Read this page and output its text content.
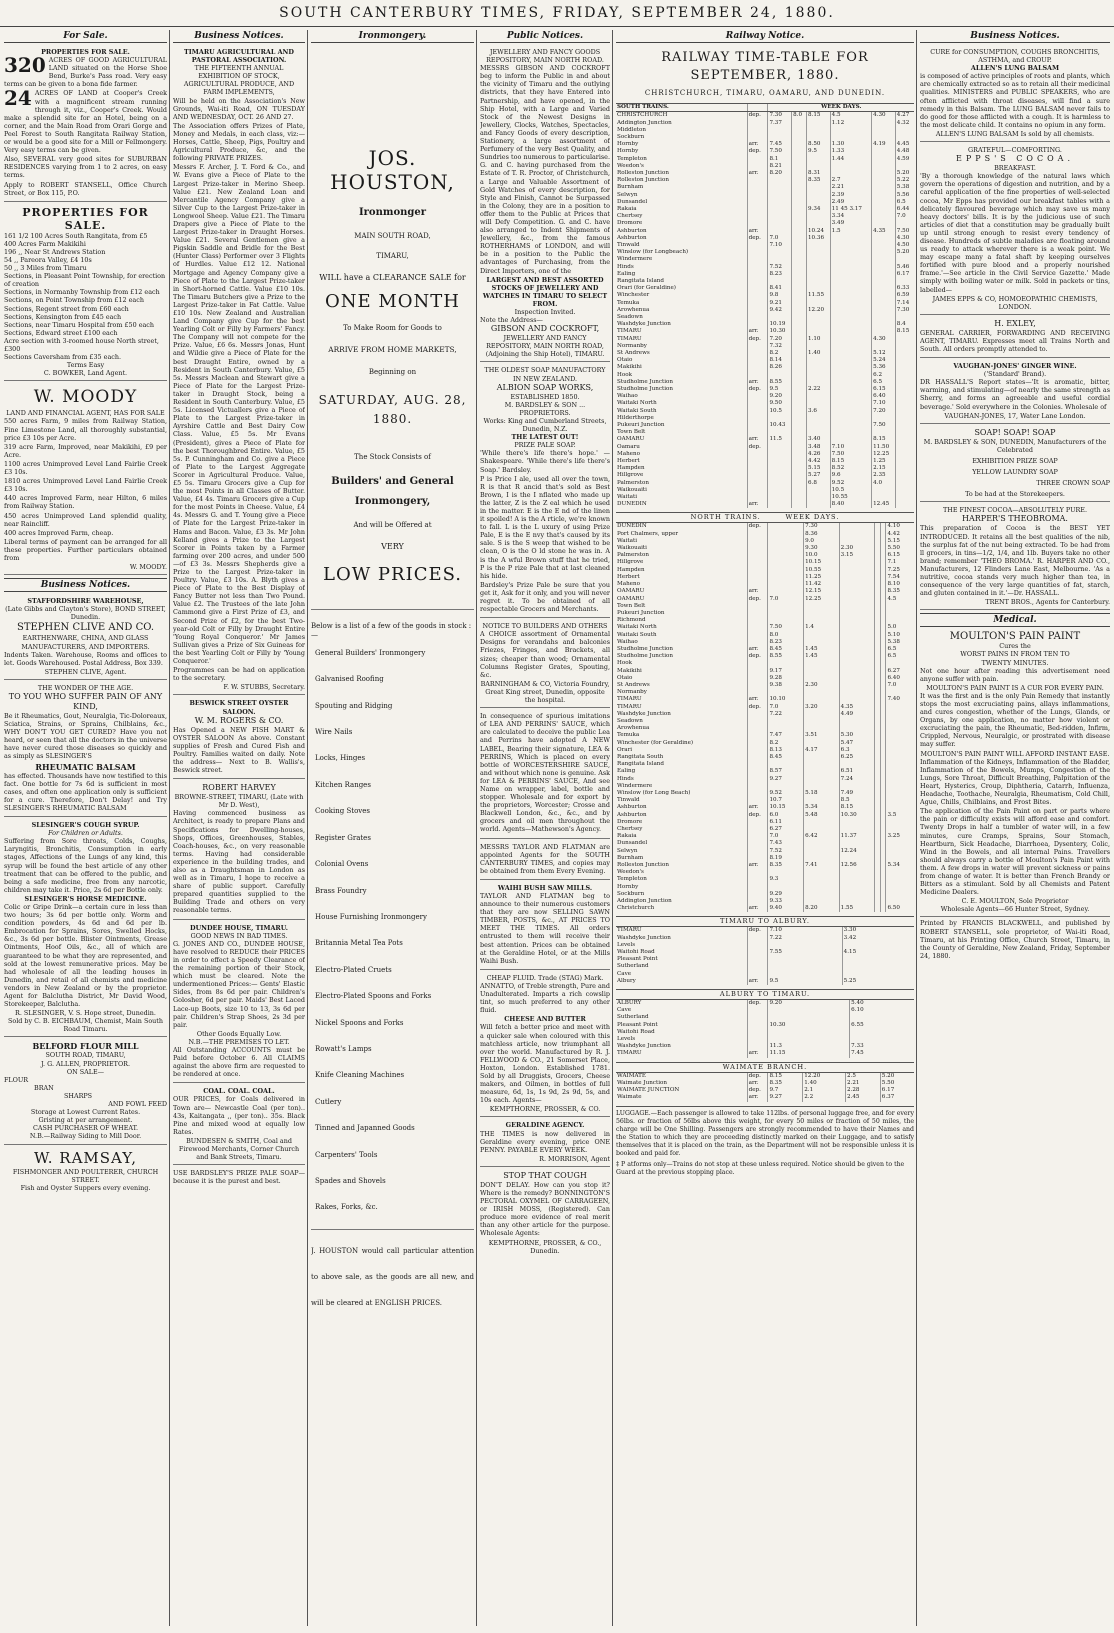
SOUTH CANTERBURY TIMES, FRIDAY, SEPTEMBER 24, 1880.
For Sale.
PROPERTIES FOR SALE.

320 ACRES OF GOOD AGRICULTURAL LAND situated on the Horse Shoe Bend, Burke's Pass road. Very easy terms can be given to a bona fide farmer.

24 ACRES OF LAND at Cooper's Creek with a magnificent stream running through it, viz., Cooper's Creek. Would make a splendid site for an Hotel, being on a corner, and the Main Road from Orari Gorge and Peel Forest to South Rangitata Railway Station, or would be a good site for a Mill or Fellmongery. Very easy terms can be given.

Also, SEVERAL very good sites for SUBURBAN RESIDENCES varying from 1 to 2 acres, on easy terms.

Apply to ROBERT STANSELL, Office Church Street, or Box 115, P.O.

PROPERTIES FOR SALE.
161 1/2 100 Acres South Rangitata, from £5
400 Acres Farm Makikihi
196 ,, Near St Andrews Station
54 ,, Pareora Valley, £4 10s
50 ,, 3 Miles from Timaru
Sections, in Pleasant Point Township, for erection of creation
Sections, in Normanby Township from £12 each
Sections, on Point Township from £12 each
Sections, Regent street from £60 each
Sections, Kensington from £45 each
Sections, near Timaru Hospital from £50 each
Sections, Edward street £100 each
Acre section with 3-roomed house North street, £300
Sections Caversham from £35 each.
Terms Easy
C. BOWKER, Land Agent.
W. MOODY
LAND AND FINANCIAL AGENT, HAS FOR SALE

550 acres Farm, 9 miles from Railway Station, Fine Limestone Land, all thoroughly substantial, price £3 10s per Acre.

319 acre Farm, Improved, near Makikihi, £9 per Acre.

1100 acres Unimproved Level Land Fairlie Creek £3 10s.

1810 acres Unimproved Level Land Fairlie Creek £3 10s.

440 acres Improved Farm, near Hilton, 6 miles from Railway Station.

450 acres Unimproved Land splendid quality, near Raincliff.

400 acres Improved Farm, cheap.

Liberal terms of payment can be arranged for all these properties. Further particulars obtained from

W. MOODY.
Business Notices.
STAFFORDSHIRE WAREHOUSE,
(Late Gibbs and Clayton's Store), BOND STREET, Dunedin.
STEPHEN CLIVE AND CO.
EARTHENWARE, CHINA, AND GLASS MANUFACTURERS, AND IMPORTERS.

Indents Taken. Warehouse, Rooms and offices to let. Goods Warehoused. Postal Address, Box 339.

STEPHEN CLIVE, Agent.
THE WONDER OF THE AGE.
TO YOU WHO SUFFER PAIN OF ANY KIND,

Be it Rheumatics, Gout, Neuralgia, Tic-Doloreaux, Sciatica, Strains, or Sprains, Chilblains, &c., WHY DON'T YOU GET CURED? Have you not heard, or seen that all the doctors in the universe have never cured those diseases so quickly and as simply as SLESINGER'S

RHEUMATIC BALSAM

has effected. Thousands have now testified to this fact. One bottle for 7s 6d is sufficient in most cases, and often one application only is sufficient for a cure. Therefore, Don't Delay! and Try SLESINGER'S RHEUMATIC BALSAM

SLESINGER'S COUGH SYRUP.
For Children or Adults.

Suffering from Sore throats, Colds, Coughs, Laryngitis, Bronchitis, Consumption in early stages, Affections of the Lungs of any kind, this syrup will be found the best article of any other treatment that can be offered to the public, and being a safe medicine, free from any narcotic, children may take it. Price, 2s 6d per Bottle only.

SLESINGER'S HORSE MEDICINE.

Colic or Gripe Drink—a certain cure in less than two hours; 3s 6d per bottle only. Worm and condition powders, 4s 6d and 6d per lb. Embrocation for Sprains, Sores, Swelled Hocks, &c., 3s 6d per bottle. Blister Ointments, Grease Ointments, Hoof Oils, &c., all of which are guaranteed to be what they are represented, and sold at the lowest remunerative prices. May be had wholesale of all the leading houses in Dunedin, and retail of all chemists and medicine vendors in New Zealand or by the proprietor. Agent for Balclutha District, Mr David Wood, Storekeeper, Balclutha.

R. SLESINGER, V. S. Hope street, Dunedin.
Sold by C. B. EICHBAUM, Chemist, Main South Road Timaru.
BELFORD FLOUR MILL
SOUTH ROAD, TIMARU,
J. G. ALLEN, PROPRIETOR.
ON SALE—
FLOUR
BRAN
SHARPS
AND FOWL FEED
Storage at Lowest Current Rates.
Gristing at per arrangement.
CASH PURCHASER OF WHEAT.
N.B.—Railway Siding to Mill Door.
W. RAMSAY,
FISHMONGER AND POULTERER, CHURCH STREET.
Fish and Oyster Suppers every evening.
Business Notices.
TIMARU AGRICULTURAL AND PASTORAL ASSOCIATION.
THE FIFTEENTH ANNUAL EXHIBITION OF STOCK, AGRICULTURAL PRODUCE, AND FARM IMPLEMENTS,

Will be held on the Association's New Grounds, Wai-iti Road, ON TUESDAY AND WEDNESDAY, OCT. 26 AND 27.

The Association offers Prizes of Plate, Money and Medals, in each class, viz:—Horses, Cattle, Sheep, Pigs, Poultry and Agricultural Produce, &c, and the following PRIVATE PRIZES.

Messrs F. Archer, J. T. Ford & Co., and W. Evans give a Piece of Plate to the Largest Prize-taker in Merino Sheep. Value £21. New Zealand Loan and Mercantile Agency Company give a Silver Cup to the Largest Prize-taker in Longwool Sheep. Value £21. The Timaru Drapers give a Piece of Plate to the Largest Prize-taker in Draught Horses. Value £21. Several Gentlemen give a Pigskin Saddle and Bridle for the Best (Hunter Class) Performer over 3 Flights of Hurdles. Value £12 12. National Mortgage and Agency Company give a Piece of Plate to the Largest Prize-taker in Short-horned Cattle. Value £10 10s. The Timaru Butchers give a Prize to the Largest Prize-taker in Fat Cattle. Value £10 10s. New Zealand and Australian Land Company give Cup for the best Yearling Colt or Filly by Farmers' Fancy. The Company will not compete for the Prize. Value, £6 6s. Messrs Jonas, Hunt and Wildie give a Piece of Plate for the best Draught Entire, owned by a Resident in South Canterbury. Value, £5 5s. Messrs Maclean and Stewart give a Piece of Plate for the Largest Prize-taker in Draught Stock, being a Resident in South Canterbury. Value, £5 5s. Licensed Victuallers give a Piece of Plate to the Largest Prize-taker in Ayrshire Cattle and Best Dairy Cow Class. Value, £5 5s. Mr Evans (President), gives a Piece of Plate for the best Thoroughbred Entire. Value, £5 5s. P. Cunningham and Co. give a Piece of Plate to the Largest Aggregate Scorer in Agricultural Produce. Value, £5 5s. Timaru Grocers give a Cup for the most Points in all Classes of Butter. Value, £4 4s. Timaru Grocers give a Cup for the most Points in Cheese. Value, £4 4s. Messrs G. and T. Young give a Piece of Plate for the Largest Prize-taker in Hams and Bacon. Value, £3 3s. Mr John Kelland gives a Prize to the Largest Scorer in Points taken by a Farmer farming over 200 acres, and under 500—of £3 3s. Messrs Shepherds give a Prize to the Largest Prize-taker in Poultry. Value, £3 10s. A. Blyth gives a Piece of Plate to the Best Display of Fancy Butter not less than Two Pound. Value £2. The Trustees of the late John Cammond give a First Prize of £3, and Second Prize of £2, for the best Two-year-old Colt or Filly by Draught Entire 'Young Royal Conqueror.' Mr James Sullivan gives a Prize of Six Guineas for the best Yearling Colt or Filly by 'Young Conqueror.'

Programmes can be had on application to the secretary.

F. W. STUBBS, Secretary.
BESWICK STREET OYSTER SALOON.
W. M. ROGERS & CO.

Has Opened a NEW FISH MART & OYSTER SALOON As above. Constant supplies of Fresh and Cured Fish and Poultry. Families waited on daily. Note the address— Next to B. Wallis's, Beswick street.

ROBERT HARVEY
BROWNE-STREET, TIMARU, (Late with Mr D. West),

Having commenced business as Architect, is ready to prepare Plans and Specifications for Dwelling-houses, Shops, Offices, Greenhouses, Stables, Coach-houses, &c., on very reasonable terms. Having had considerable experience in the building trades, and also as a Draughtsman in London as well as in Timaru, I hope to receive a share of public support. Carefully prepared quantities supplied to the Building Trade and others on very reasonable terms.

DUNDEE HOUSE, TIMARU.
GOOD NEWS IN BAD TIMES.

G. JONES AND CO., DUNDEE HOUSE, have resolved to REDUCE their PRICES in order to effect a Speedy Clearance of the remaining portion of their Stock, which must be cleared. Note the undermentioned Prices:— Gents' Elastic Sides, from 8s 6d per pair. Children's Golosher, 6d per pair. Maids' Best Laced Lace-up Boots, size 10 to 13, 3s 6d per pair. Children's Strap Shoes, 2s 3d per pair.

Other Goods Equally Low.
N.B.—THE PREMISES TO LET.

All Outstanding ACCOUNTS must be Paid before October 6. All CLAIMS against the above firm are requested to be rendered at once.

COAL. COAL. COAL.

OUR PRICES, for Coals delivered in Town are— Newcastle Coal (per ton).. 43s, Kaitangata ,, (per ton).. 35s. Black Pine and mixed wood at equally low Rates.

BUNDESEN & SMITH, Coal and Firewood Merchants, Corner Church and Bank Streets, Timaru.

USE BARDSLEY'S PRIZE PALE SOAP—because it is the purest and best.

Ironmongery.
JOS. HOUSTON,
Ironmonger
MAIN SOUTH ROAD,
TIMARU,
WILL have a CLEARANCE SALE for
ONE MONTH
To Make Room for Goods to
ARRIVE FROM HOME MARKETS,
Beginning on
SATURDAY, AUG. 28, 1880.
The Stock Consists of
Builders' and General
Ironmongery,
And will be Offered at
VERY
LOW PRICES.

Below is a list of a few of the goods in stock :—

General Builders' Ironmongery
Galvanised Roofing
Spouting and Ridging
Wire Nails
Locks, Hinges
Kitchen Ranges
Cooking Stoves
Register Grates
Colonial Ovens
Brass Foundry
House Furnishing Ironmongery
Britannia Metal Tea Pots
Electro-Plated Cruets
Electro-Plated Spoons and Forks
Nickel Spoons and Forks
Rowatt's Lamps
Knife Cleaning Machines
Cutlery
Tinned and Japanned Goods
Carpenters' Tools
Spades and Shovels
Rakes, Forks, &c.
J. HOUSTON would call particular attention to above sale, as the goods are all new, and will be cleared at ENGLISH PRICES.
Public Notices.
JEWELLERY AND FANCY GOODS REPOSITORY, MAIN NORTH ROAD.

MESSRS GIBSON AND COCKROFT beg to inform the Public in and about the vicinity of Timaru and the outlying districts, that they have Entered into Partnership, and have opened, in the Ship Hotel, with a Large and Varied Stock of the Newest Designs in Jewellery, Clocks, Watches, Spectacles, and Fancy Goods of every description, Stationery, a large assortment of Perfumery of the very Best Quality, and Sundries too numerous to particularise. G. and C. having purchased from the Estate of T. R. Proctor, of Christchurch, a Large and Valuable Assortment of Gold Watches of every description, for Style and Finish, Cannot be Surpassed in the Colony, they are in a position to offer them to the Public at Prices that will Defy Competition. G. and C. have also arranged to Indent Shipments of Jewellery, &c., from the famous ROTHERHAMS of LONDON, and will be in a position to the Public the advantages of Purchasing, from the Direct Importers, one of the

LARGEST AND BEST ASSORTED STOCKS OF JEWELLERY AND WATCHES IN TIMARU TO SELECT FROM.
Inspection Invited.
Note the Address—
GIBSON AND COCKROFT,
JEWELLERY AND FANCY REPOSITORY, MAIN NORTH ROAD, (Adjoining the Ship Hotel), TIMARU.
THE OLDEST SOAP MANUFACTORY IN NEW ZEALAND.
ALBION SOAP WORKS,
ESTABLISHED 1850.
M. BARDSLEY & SON ... PROPRIETORS.
Works: King and Cumberland Streets, Dunedin, N.Z.
THE LATEST OUT!
PRIZE PALE SOAP.

'While there's life there's hope.' —Shakespeare. 'While there's life there's Soap.' Bardsley.

P is Price I ale, used all over the town, R is that R ancid that's sold as Best Brown, I is the I nflated who made up the latter, Z is the Z eal which he used in the matter. E is the E nd of the linen it spoiled! A is the A rticle, we're known to fall. L is the L uxury of using Prize Pale, E is the E nvy that's caused by its sale. S is the S weep that wished to be clean, O is the O ld stone he was in. A is the A wful Brown stuff that he tried, P is the P rize Pale that at last cleaned his hide.

Bardsley's Prize Pale be sure that you get it, Ask for it only, and you will never regret it. To be obtained of all respectable Grocers and Merchants.

NOTICE TO BUILDERS AND OTHERS

A CHOICE assortment of Ornamental Designs for verandahs and balconies Friezes, Fringes, and Brackets, all sizes; cheaper than wood; Ornamental Columns Register Grates, Spouting, &c.

BARNINGHAM & CO, Victoria Foundry, Great King street, Dunedin, opposite the hospital.

In consequence of spurious imitations of LEA AND PERRINS' SAUCE, which are calculated to deceive the public Lea and Perrins have adopted A NEW LABEL, Bearing their signature, LEA & PERRINS, Which is placed on every bottle of WORCESTERSHIRE SAUCE, and without which none is genuine. Ask for LEA & PERRINS' SAUCE, And see Name on wrapper, label, bottle and stopper. Wholesale and for export by the proprietors, Worcester; Crosse and Blackwell London, &c., &c., and by grocers and oil men throughout the world. Agents—Mathewson's Agency.

MESSRS TAYLOR AND FLATMAN are appointed Agents for the SOUTH CANTERBURY TIMES, and copies may be obtained from them Every Evening.

WAIHI BUSH SAW MILLS.

TAYLOR AND FLATMAN beg to announce to their numerous customers that they are now SELLING SAWN TIMBER, POSTS, &c., AT PRICES TO MEET THE TIMES. All orders entrusted to them will receive their best attention. Prices can be obtained at the Geraldine Hotel, or at the Mills Waihi Bush.

CHEAP FLUID. Trade (STAG) Mark.

ANNATTO, of Treble strength, Pure and Unadulterated. Imparts a rich cowslip tint, so much preferred to any other fluid.

CHEESE AND BUTTER

Will fetch a better price and meet with a quicker sale when coloured with this matchless article, now triumphant all over the world. Manufactured by R. J. FELLWOOD & CO., 21 Somerset Place, Hoxton, London. Established 1781. Sold by all Druggists, Grocers, Cheese makers, and Oilmen, in bottles of full measure, 6d, 1s, 1s 9d, 2s 9d, 5s, and 10s each. Agents—

KEMPTHORNE, PROSSER, & CO.
GERALDINE AGENCY.

THE TIMES is now delivered in Geraldine every evening, price ONE PENNY. PAYABLE EVERY WEEK.

R. MORRISON, Agent
STOP THAT COUGH

DON'T DELAY. How can you stop it? Where is the remedy? BONNINGTON'S PECTORAL OXYMEL OF CARRAGEEN, or IRISH MOSS, (Registered). Can produce more evidence of real merit than any other article for the purpose. Wholesale Agents:

KEMPTHORNE, PROSSER, & CO., Dunedin.
Railway Notice.
RAILWAY TIME-TABLE FOR SEPTEMBER, 1880.
CHRISTCHURCH, TIMARU, OAMARU, AND DUNEDIN.
SOUTH TRAINS.		WEEK DAYS.					
CHRISTCHURCH	dep.	7.30	8.0	8.15	4.5	4.30	4.27
Addington Junction		7.37			1.12		4.32
Middleton							
Sockburn							
Hornby	arr.	7.45		8.50	1.30	4.19	4.45
Hornby	dep.	7.50		9.5	1.33		4.48
Templeton		8.1			1.44		4.59
Weedon's		8.21					
Rolleston Junction	arr.	8.20		8.31			5.20
Rolleston Junction				8.35	2.7		5.22
Burnham					2.21		5.38
Selwyn					2.39		5.56
Dunsandel					2.49		6.5
Rakaia				9.34	11 45 3.17		6.44
Chertsey					3.34		7.0
Dromore					3.49		
Ashburton	arr.			10.24	1.5	4.35	7.50
Ashburton	dep.	7.0		10.36			4.30
Tinwald		7.10					4.50
Winslow (for Longbeach)							5.20
Windermere							
Hinds		7.52					5.46
Ealing		8.23					6.17
Rangitata Island							
Orari (for Geraldine)		8.41					6.33
Winchester		9.8		11.55			6.59
Temuka		9.21					7.14
Arowhenua		9.42		12.20			7.30
Seadown							
Washdyke Junction		10.19					8.4
TIMARU	arr.	10.30					8.15
TIMARU	dep.	7.20		1.10		4.30	
Normanby		7.32					
St Andrews		8.2		1.40		5.12	
Otaio		8.14				5.24	
Makikihi		8.26				5.36	
Hook						6.2	
Studholme Junction	arr.	8.55				6.5	
Studholme Junction	dep.	9.5		2.22		6.15	
Waihao		9.20				6.40	
Waitaki North		9.50				7.10	
Waitaki South		10.5		3.6		7.20	
Hilderthorpe							
Pukeuri Junction		10.43				7.50	
Town Belt							
OAMARU	arr.	11.5		3.40		8.15	
Oamaru	dep.			3.48	7.10	11.50	
Maheno				4.26	7.50	12.25	
Herbert				4.42	8.15	1.25	
Hampden				5.15	8.52	2.15	
Hillgrove				5.27	9.6	2.35	
Palmerston				6.8	9.52	4.0	
Waikouaiti					10.5		
Waitati					10.55		
DUNEDIN	arr.				8.40	12.45	
NORTH TRAINS.	WEEK DAYS.
DUNEDIN	dep.		7.30				4.10
Port Chalmers, upper			8.36				4.42
Waitati			9.0				5.15
Waikouaiti			9.30	2.30			5.50
Palmerston			10.0	3.15			6.15
Hillgrove			10.15				7.1
Hampden			10.55				7.25
Herbert			11.25				7.54
Maheno			11.42				8.10
OAMARU	arr.		12.15				8.35
OAMARU	dep.	7.0	12.25				4.5
Town Belt							
Pukeuri Junction							
Richmond							
Waitaki North		7.50	1.4				5.0
Waitaki South		8.0					5.10
Waihao		8.23					5.38
Studholme Junction	arr.	8.45	1.45				6.5
Studholme Junction	dep.	8.55	1.45				6.5
Hook							
Makikihi		9.17					6.27
Otaio		9.28					6.40
St Andrews		9.38	2.30				7.0
Normanby							
TIMARU	arr.	10.10					7.40
TIMARU	dep.	7.0	3.20	4.35			
Washdyke Junction		7.22		4.49			
Seadown							
Arowhenua							
Temuka		7.47	3.51	5.30			
Winchester (for Geraldine)		8.2		5.47			
Orari		8.13	4.17	6.3			
Rangitata South		8.45		6.25			
Rangitata Island							
Ealing		8.57		6.51			
Hinds		9.27		7.24			
Windermere							
Winslow (for Long Beach)		9.52	5.18	7.49			
Tinwald		10.7		8.5			
Ashburton	arr.	10.15	5.34	8.15			
Ashburton	dep.	6.0	5.48	10.30			3.5
Dromore		6.11					
Chertsey		6.27					
Rakaia		7.0	6.42	11.37			3.25
Dunsandel		7.43					
Selwyn		7.52		12.24			
Burnham		8.19					
Rolleston Junction	arr.	8.35	7.41	12.56			5.34
Weedon's							
Templeton		9.3					
Hornby							
Sockburn		9.29					
Addington Junction		9.33					
Christchurch	arr.	9.40	8.20	1.55			6.50
TIMARU TO ALBURY.
TIMARU	dep.	7.10	3.30
Washdyke Junction		7.22	3.42
Levels			
Waitohi Road		7.55	4.15
Pleasant Point			
Sutherland			
Cave			
Albury	arr.	9.5	5.25
ALBURY TO TIMARU.
ALBURY	dep.	9.20	5.40
Cave			6.10
Sutherland			
Pleasant Point		10.30	6.55
Waitohi Road			
Levels			
Washdyke Junction		11.3	7.33
TIMARU	arr.	11.15	7.45
WAIMATE BRANCH.
WAIMATE	dep.	8.15	12.20	2.5	5.20
Waimate Junction	arr.	8.35	1.40	2.21	5.50
WAIMATE JUNCTION	dep.	9.7	2.1	2.28	6.17
Waimate	arr.	9.27	2.2	2.45	6.37

LUGGAGE.—Each passenger is allowed to take 112lbs. of personal luggage free, and for every 56lbs. or fraction of 56lbs above this weight, for every 50 miles or fraction of 50 miles, the charge will be One Shilling. Passengers are strongly recommended to have their Names and the Station to which they are proceeding distinctly marked on their Luggage, and to satisfy themselves that it is placed on the train, as the Department will not be responsible unless it is booked and paid for.

‡ P atforms only—Trains do not stop at these unless required. Notice should be given to the Guard at the previous stopping place.

Business Notices.
CURE for CONSUMPTION, COUGHS BRONCHITIS, ASTHMA, and CROUP.
ALLEN'S LUNG BALSAM

is composed of active principles of roots and plants, which are chemically extracted so as to retain all their medicinal qualities. MINISTERS and PUBLIC SPEAKERS, who are often afflicted with throat diseases, will find a sure remedy in this Balsam. The LUNG BALSAM never fails to do good for those afflicted with a cough. It is harmless to the most delicate child. It contains no opium in any form.

ALLEN'S LUNG BALSAM Is sold by all chemists.
GRATEFUL—COMFORTING.
EPPS'S COCOA.
BREAKFAST.

'By a thorough knowledge of the natural laws which govern the operations of digestion and nutrition, and by a careful application of the fine properties of well-selected cocoa, Mr Epps has provided our breakfast tables with a delicately flavoured beverage which may save us many heavy doctors' bills. It is by the judicious use of such articles of diet that a constitution may be gradually built up until strong enough to resist every tendency of disease. Hundreds of subtle maladies are floating around us ready to attack wherever there is a weak point. We may escape many a fatal shaft by keeping ourselves fortified with pure blood and a properly nourished frame.'—See article in the Civil Service Gazette.' Made simply with boiling water or milk. Sold in packets or tins, labelled—

JAMES EPPS & CO, HOMOEOPATHIC CHEMISTS, LONDON.
H. EXLEY,

GENERAL CARRIER, FORWARDING AND RECEIVING AGENT, TIMARU. Expresses meet all Trains North and South. All orders promptly attended to.

VAUGHAN-JONES' GINGER WINE.
('Standard' Brand).

DR HASSALL'S Report states—'It is aromatic, bitter, warming, and stimulating—of nearly the same strength as Sherry, and forms an agreeable and useful cordial beverage.' Sold everywhere in the Colonies. Wholesale of

VAUGHAN-JONES, 17, Water Lane London.
SOAP! SOAP! SOAP
M. BARDSLEY & SON, DUNEDIN, Manufacturers of the Celebrated
EXHIBITION PRIZE SOAP
YELLOW LAUNDRY SOAP
THREE CROWN SOAP
To be had at the Storekeepers.
THE FINEST COCOA—ABSOLUTELY PURE.
HARPER'S THEOBROMA.

This preparation of Cocoa is the BEST YET INTRODUCED. It retains all the best qualities of the nib, the surplus fat of the nut being extracted. To be had from ll grocers, in tins—1/2, 1/4, and 1lb. Buyers take no other brand; remember 'THEO BROMA.' R. HARPER AND CO., Manufacturers, 12 Flinders Lane East, Melbourne. 'As a nutritive, cocoa stands very much higher than tea, in consequence of the very large quantities of fat, starch, and gluten contained in it.'—Dr. HASSALL.

TRENT BROS., Agents for Canterbury.
Medical.
MOULTON'S PAIN PAINT
Cures the
WORST PAINS IN FROM TEN TO
TWENTY MINUTES.

Not one hour after reading this advertisement need anyone suffer with pain.

MOULTON'S PAIN PAINT IS A CUR FOR EVERY PAIN.

It was the first and is the only Pain Remedy that instantly stops the most excruciating pains, allays inflammations, and cures congestion, whether of the Lungs, Glands, or Organs, by one application, no matter how violent or excruciating the pain, the Rheumatic, Bed-ridden, Infirm, Crippled, Nervous, Neuralgic, or prostrated with disease may suffer.

MOULTON'S PAIN PAINT WILL AFFORD INSTANT EASE.

Inflammation of the Kidneys, Inflammation of the Bladder, Inflammation of the Bowels, Mumps, Congestion of the Lungs, Sore Throat, Difficult Breathing, Palpitation of the Heart, Hysterics, Croup, Diphtheria, Catarrh, Influenza, Headache, Toothache, Neuralgia, Rheumatism, Cold Chill, Ague, Chills, Chilblains, and Frost Bites.

The application of the Pain Paint on part or parts where the pain or difficulty exists will afford ease and comfort. Twenty Drops in half a tumbler of water will, in a few minutes, cure Cramps, Sprains, Sour Stomach, Heartburn, Sick Headache, Diarrhoea, Dysentery, Colic, Wind in the Bowels, and all internal Pains. Travellers should always carry a bottle of Moulton's Pain Paint with them. A few drops in water will prevent sickness or pains from change of water. It is better than French Brandy or Bitters as a stimulant. Sold by all Chemists and Patent Medicine Dealers.

C. E. MOULTON, Sole Proprietor
Wholesale Agents—66 Hunter Street, Sydney.

Printed by FRANCIS BLACKWELL, and published by ROBERT STANSELL, sole proprietor, of Wai-iti Road, Timaru, at his Printing Office, Church Street, Timaru, in the County of Geraldine, New Zealand, Friday, September 24, 1880.
